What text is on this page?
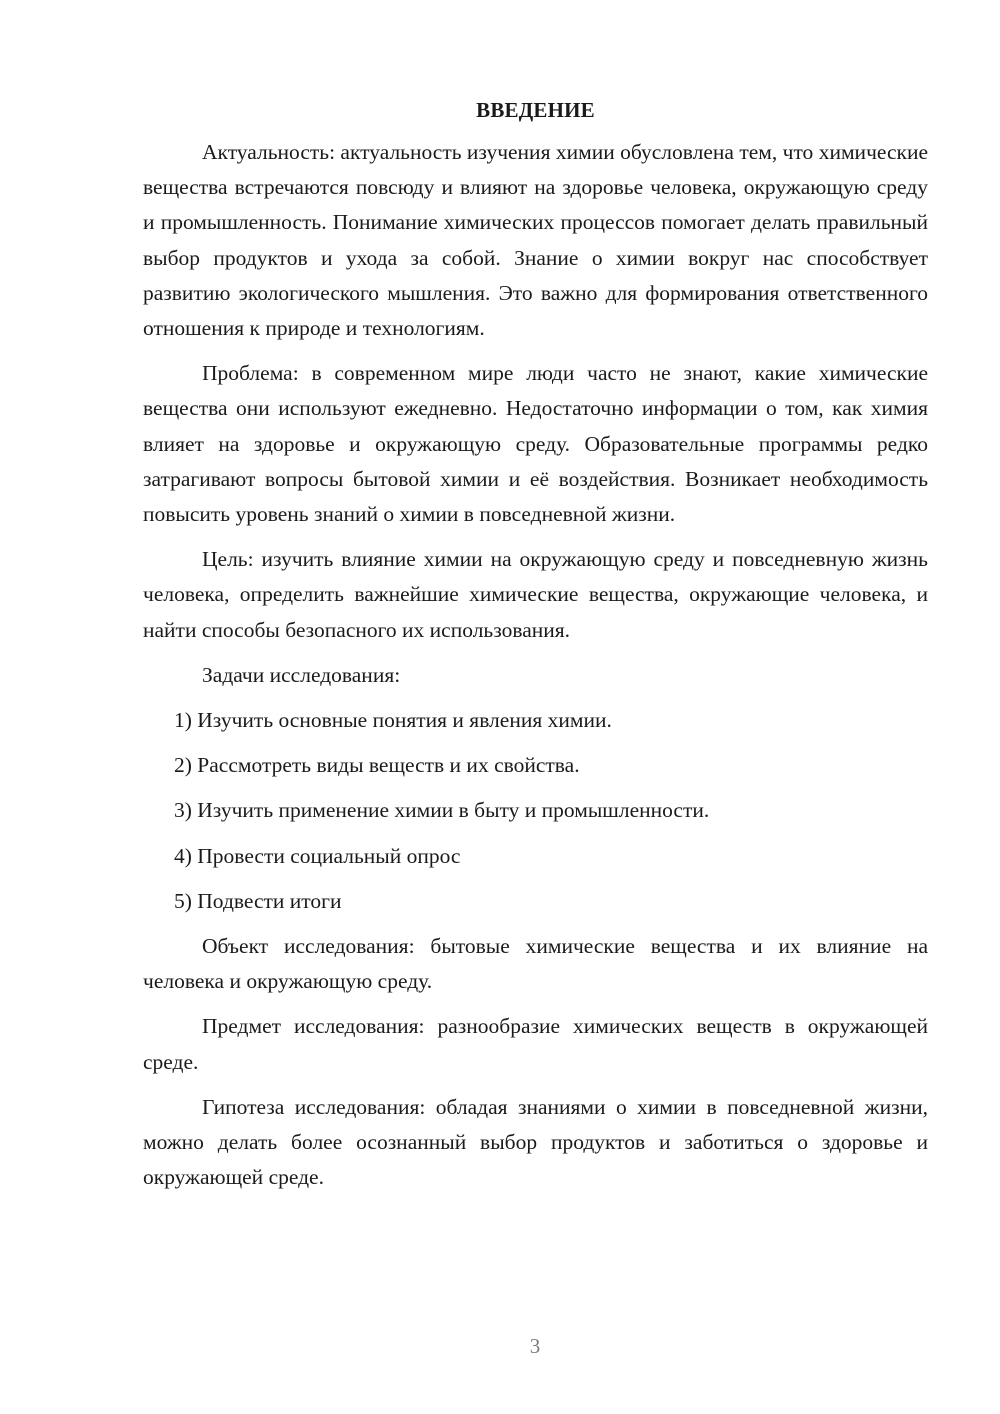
ВВЕДЕНИЕ

Актуальность: актуальность изучения химии обусловлена тем, что химические вещества встречаются повсюду и влияют на здоровье человека, окружающую среду и промышленность. Понимание химических процессов помогает делать правильный выбор продуктов и ухода за собой. Знание о химии вокруг нас способствует развитию экологического мышления. Это важно для формирования ответственного отношения к природе и технологиям.

Проблема: в современном мире люди часто не знают, какие химические вещества они используют ежедневно. Недостаточно информации о том, как химия влияет на здоровье и окружающую среду. Образовательные программы редко затрагивают вопросы бытовой химии и её воздействия. Возникает необходимость повысить уровень знаний о химии в повседневной жизни.

Цель: изучить влияние химии на окружающую среду и повседневную жизнь человека, определить важнейшие химические вещества, окружающие человека, и найти способы безопасного их использования.

Задачи исследования:

1) Изучить основные понятия и явления химии.
2) Рассмотреть виды веществ и их свойства.
3) Изучить применение химии в быту и промышленности.
4) Провести социальный опрос
5) Подвести итоги

Объект исследования: бытовые химические вещества и их влияние на человека и окружающую среду.

Предмет исследования: разнообразие химических веществ в окружающей среде.

Гипотеза исследования: обладая знаниями о химии в повседневной жизни, можно делать более осознанный выбор продуктов и заботиться о здоровье и окружающей среде.

3
